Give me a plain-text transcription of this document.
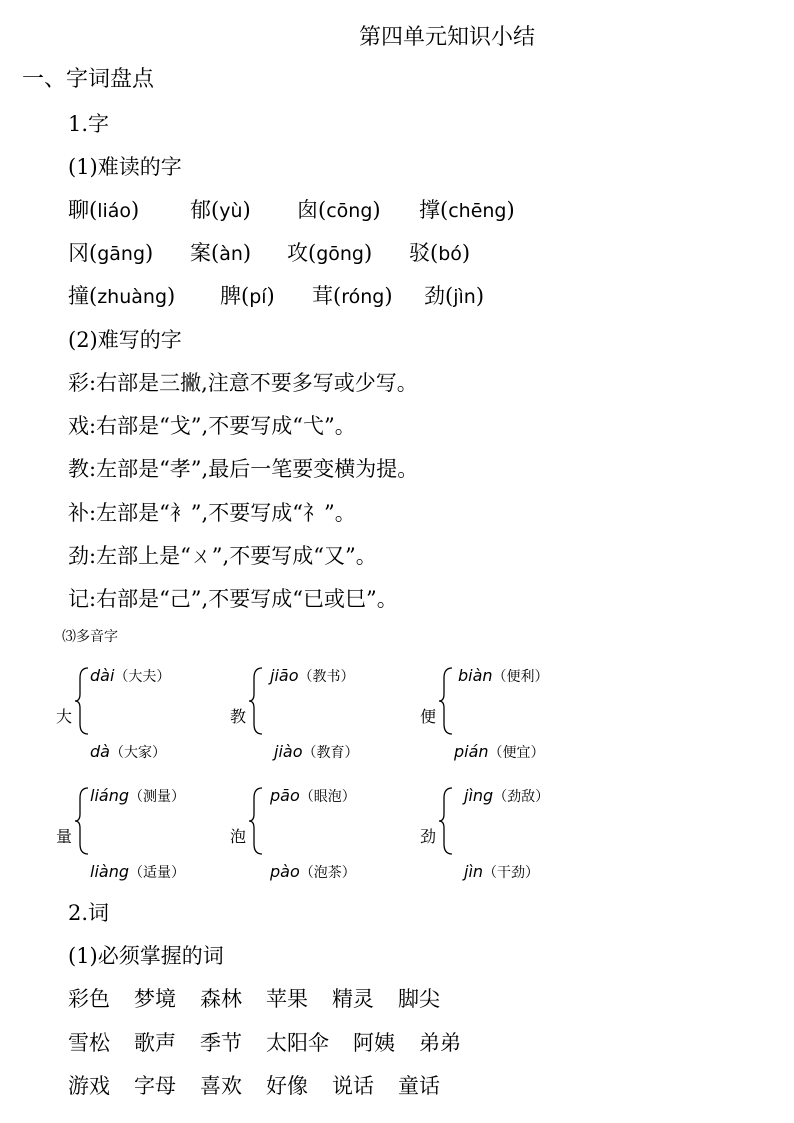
第四单元知识小结
一、字词盘点
1.字
(1)难读的字
聊(liáo) 郁(yù) 囱(cōng) 撑(chēng)
冈(gāng) 案(àn) 攻(gōng) 驳(bó)
撞(zhuàng) 脾(pí) 茸(róng) 劲(jìn)
(2)难写的字
彩:右部是三撇,注意不要多写或少写。
戏:右部是“戈”,不要写成“弋”。
教:左部是“孝”,最后一笔要变横为提。
补:左部是“衤”,不要写成“礻”。
劲:左部上是“ㄨ”,不要写成“又”。
记:右部是“己”,不要写成“已或巳”。
⑶多音字
大
dài（大夫）
dà（大家）
教
jiāo（教书）
jiào（教育）
便
biàn（便利）
pián（便宜）
量
liáng（测量）
liàng（适量）
泡
pāo（眼泡）
pào（泡茶）
劲
jìng（劲敌）
jìn（干劲）
2.词
(1)必须掌握的词
彩色 梦境 森林 苹果 精灵 脚尖
雪松 歌声 季节 太阳伞 阿姨 弟弟
游戏 字母 喜欢 好像 说话 童话
